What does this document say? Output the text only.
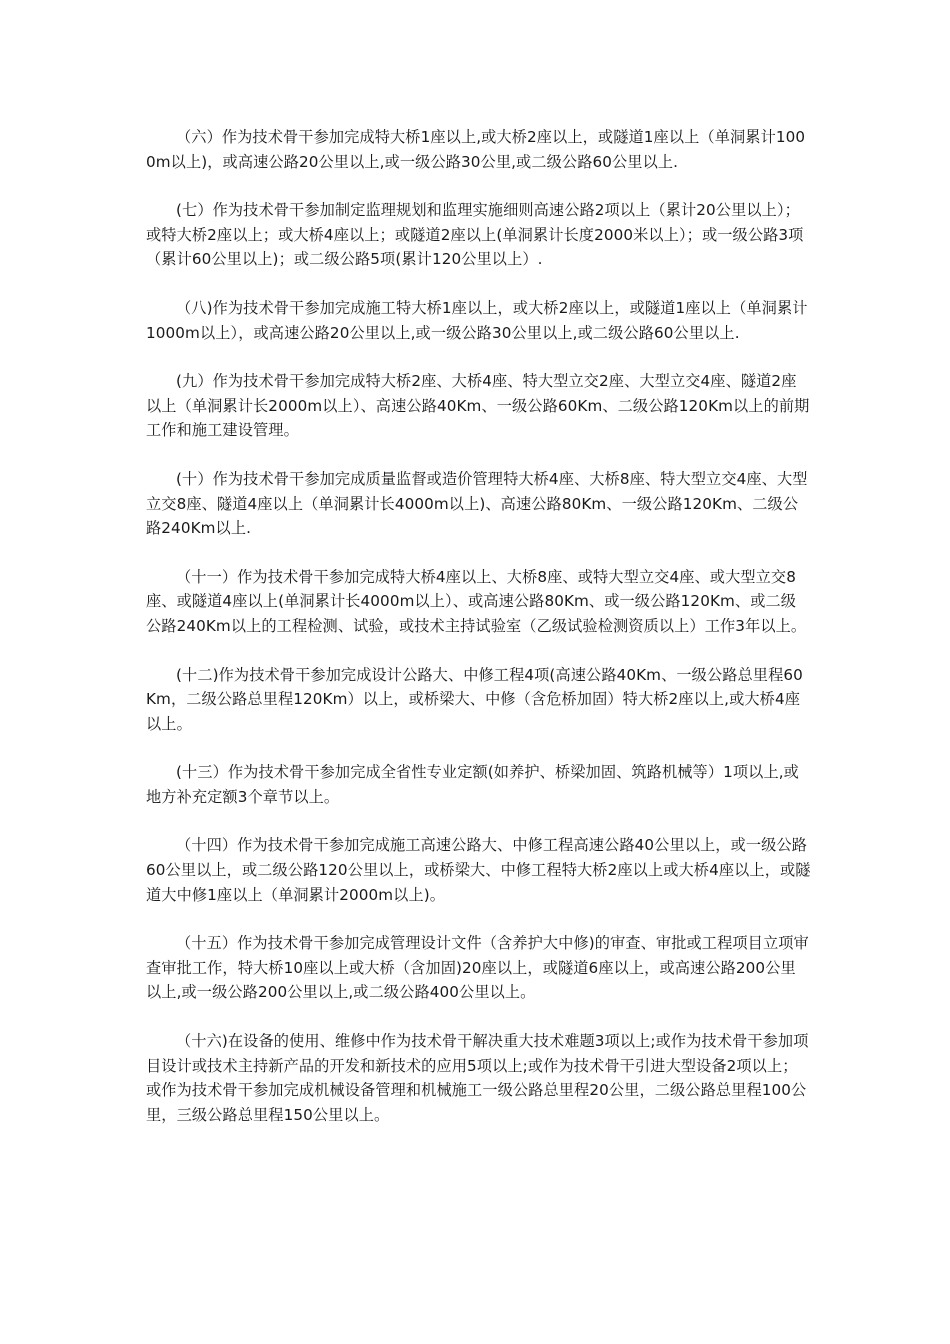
（六）作为技术骨干参加完成特大桥1座以上,或大桥2座以上，或隧道1座以上（单洞累计1000m以上)，或高速公路20公里以上,或一级公路30公里,或二级公路60公里以上.

(七）作为技术骨干参加制定监理规划和监理实施细则高速公路2项以上（累计20公里以上）；或特大桥2座以上；或大桥4座以上；或隧道2座以上(单洞累计长度2000米以上）；或一级公路3项（累计60公里以上)；或二级公路5项(累计120公里以上）.

（八)作为技术骨干参加完成施工特大桥1座以上，或大桥2座以上，或隧道1座以上（单洞累计1000m以上），或高速公路20公里以上,或一级公路30公里以上,或二级公路60公里以上.

(九）作为技术骨干参加完成特大桥2座、大桥4座、特大型立交2座、大型立交4座、隧道2座以上（单洞累计长2000m以上）、高速公路40Km、一级公路60Km、二级公路120Km以上的前期工作和施工建设管理。

(十）作为技术骨干参加完成质量监督或造价管理特大桥4座、大桥8座、特大型立交4座、大型立交8座、隧道4座以上（单洞累计长4000m以上)、高速公路80Km、一级公路120Km、二级公路240Km以上.

（十一）作为技术骨干参加完成特大桥4座以上、大桥8座、或特大型立交4座、或大型立交8座、或隧道4座以上(单洞累计长4000m以上）、或高速公路80Km、或一级公路120Km、或二级公路240Km以上的工程检测、试验，或技术主持试验室（乙级试验检测资质以上）工作3年以上。

(十二)作为技术骨干参加完成设计公路大、中修工程4项(高速公路40Km、一级公路总里程60Km，二级公路总里程120Km）以上，或桥梁大、中修（含危桥加固）特大桥2座以上,或大桥4座以上。

(十三）作为技术骨干参加完成全省性专业定额(如养护、桥梁加固、筑路机械等）1项以上,或地方补充定额3个章节以上。

（十四）作为技术骨干参加完成施工高速公路大、中修工程高速公路40公里以上，或一级公路60公里以上，或二级公路120公里以上，或桥梁大、中修工程特大桥2座以上或大桥4座以上，或隧道大中修1座以上（单洞累计2000m以上)。

（十五）作为技术骨干参加完成管理设计文件（含养护大中修)的审查、审批或工程项目立项审查审批工作，特大桥10座以上或大桥（含加固)20座以上，或隧道6座以上，或高速公路200公里以上,或一级公路200公里以上,或二级公路400公里以上。

（十六)在设备的使用、维修中作为技术骨干解决重大技术难题3项以上;或作为技术骨干参加项目设计或技术主持新产品的开发和新技术的应用5项以上;或作为技术骨干引进大型设备2项以上；或作为技术骨干参加完成机械设备管理和机械施工一级公路总里程20公里，二级公路总里程100公里，三级公路总里程150公里以上。
